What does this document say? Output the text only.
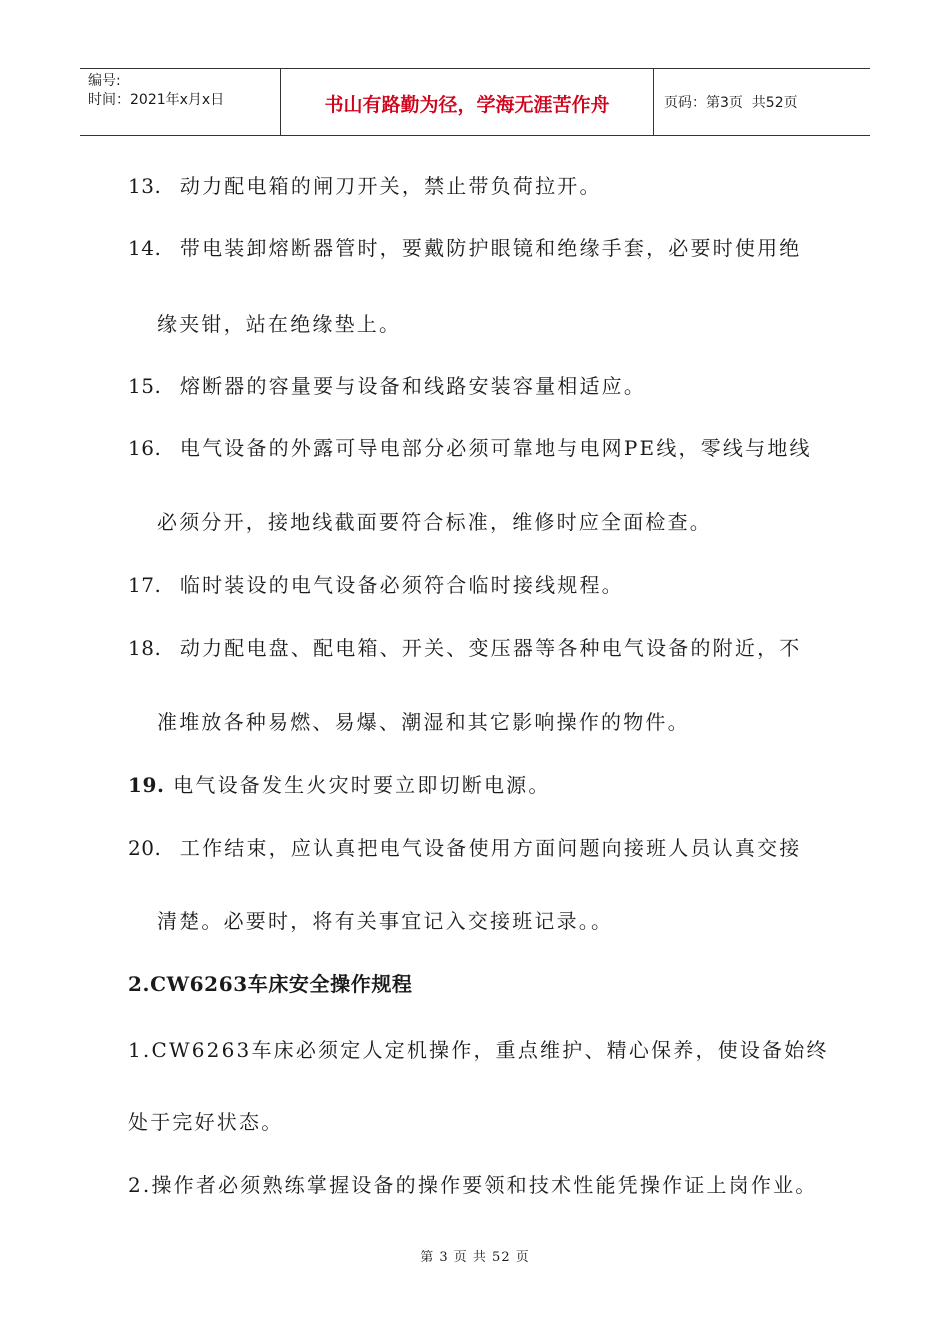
编号:
时间：2021年x月x日	书山有路勤为径，学海无涯苦作舟	页码：第3页  共52页
13. 动力配电箱的闸刀开关，禁止带负荷拉开。
14. 带电装卸熔断器管时，要戴防护眼镜和绝缘手套，必要时使用绝
缘夹钳，站在绝缘垫上。
15. 熔断器的容量要与设备和线路安装容量相适应。
16. 电气设备的外露可导电部分必须可靠地与电网PE线，零线与地线
必须分开，接地线截面要符合标准，维修时应全面检查。
17. 临时装设的电气设备必须符合临时接线规程。
18. 动力配电盘、配电箱、开关、变压器等各种电气设备的附近，不
准堆放各种易燃、易爆、潮湿和其它影响操作的物件。
19. 电气设备发生火灾时要立即切断电源。
20. 工作结束，应认真把电气设备使用方面问题向接班人员认真交接
清楚。必要时，将有关事宜记入交接班记录。。
2.CW6263车床安全操作规程
1.CW6263车床必须定人定机操作，重点维护、精心保养，使设备始终
处于完好状态。
2.操作者必须熟练掌握设备的操作要领和技术性能凭操作证上岗作业。
第 3 页 共 52 页
